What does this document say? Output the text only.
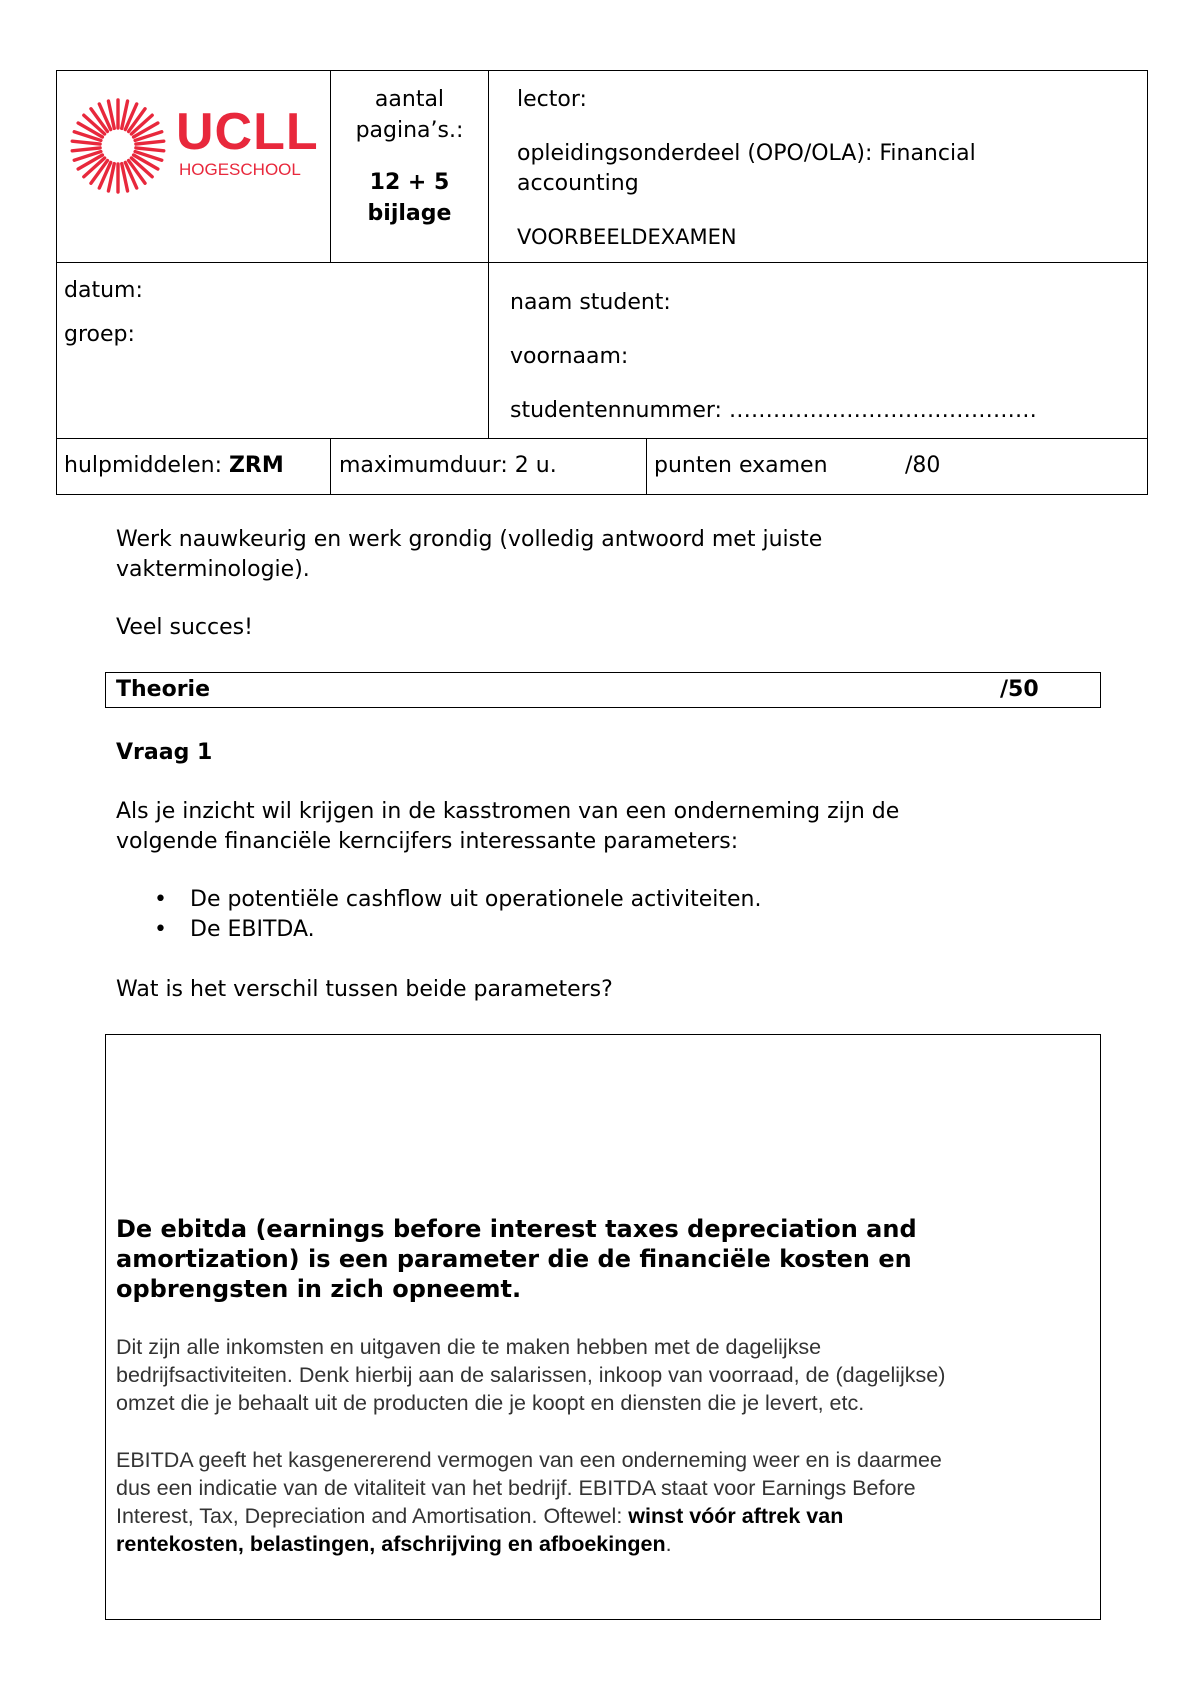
UCLL
HOGESCHOOL
aantal
pagina’s.:
12 + 5
bijlage
lector:
opleidingsonderdeel (OPO/OLA): Financial
accounting
VOORBEELDEXAMEN
datum:
groep:
naam student:
voornaam:
studentennummer: ……………………………………
hulpmiddelen: ZRM	maximumduur: 2 u.	punten examen	/80
Werk nauwkeurig en werk grondig (volledig antwoord met juiste
vakterminologie).
Veel succes!
Theorie	/50
Vraag 1
Als je inzicht wil krijgen in de kasstromen van een onderneming zijn de
volgende financiële kerncijfers interessante parameters:
• De potentiële cashflow uit operationele activiteiten.
• De EBITDA.
Wat is het verschil tussen beide parameters?
De ebitda (earnings before interest taxes depreciation and
amortization) is een parameter die de financiële kosten en
opbrengsten in zich opneemt.
Dit zijn alle inkomsten en uitgaven die te maken hebben met de dagelijkse
bedrijfsactiviteiten. Denk hierbij aan de salarissen, inkoop van voorraad, de (dagelijkse)
omzet die je behaalt uit de producten die je koopt en diensten die je levert, etc.
EBITDA geeft het kasgenererend vermogen van een onderneming weer en is daarmee
dus een indicatie van de vitaliteit van het bedrijf. EBITDA staat voor Earnings Before
Interest, Tax, Depreciation and Amortisation. Oftewel: winst vóór aftrek van
rentekosten, belastingen, afschrijving en afboekingen.
